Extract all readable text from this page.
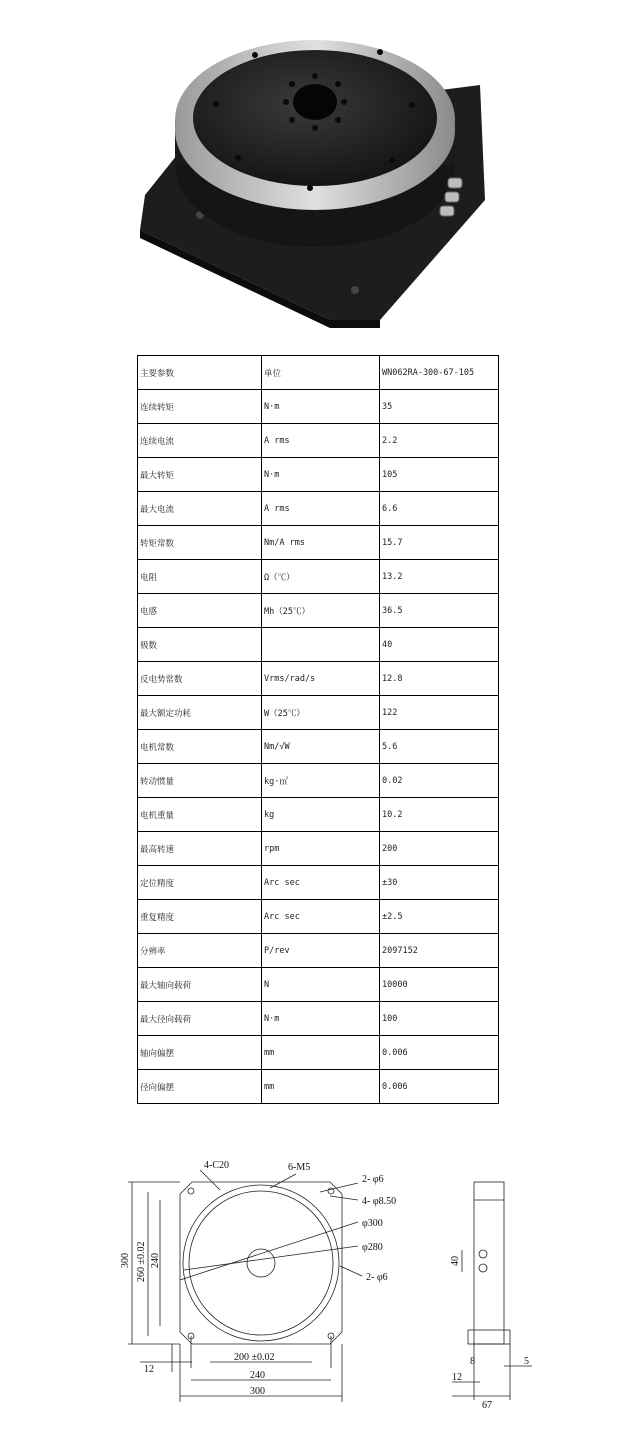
主要参数	单位	WN062RA-300-67-105
连续转矩	N·m	35
连续电流	A rms	2.2
最大转矩	N·m	105
最大电流	A rms	6.6
转矩常数	Nm/A rms	15.7
电阻	Ω（℃）	13.2
电感	Mh（25℃）	36.5
极数		40
反电势常数	Vrms/rad/s	12.8
最大额定功耗	W（25℃）	122
电机常数	Nm/√W	5.6
转动惯量	kg·㎡	0.02
电机重量	kg	10.2
最高转速	rpm	200
定位精度	Arc sec	±30
重复精度	Arc sec	±2.5
分辨率	P/rev	2097152
最大轴向载荷	N	10000
最大径向载荷	N·m	100
轴向偏摆	mm	0.006
径向偏摆	mm	0.006
4-C20	6-M5
2- φ6
4- φ8.50
φ300
φ280
2- φ6
300 260 ±0.02 240
12
200 ±0.02
240
300
40
8	5
12
67
